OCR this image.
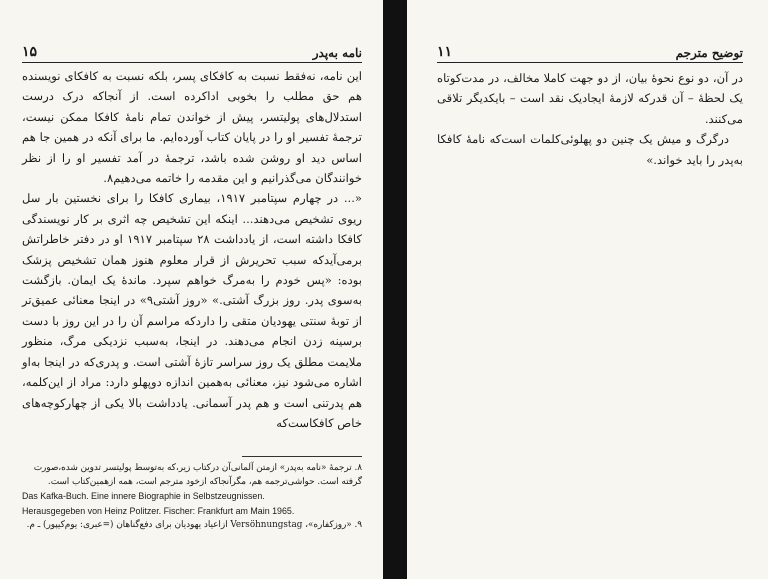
۱۵	نامه به‌پدر

این نامه، نه‌فقط نسبت به کافکای پسر، بلکه نسبت به کافکای نویسنده هم حق مطلب را بخوبی اداکرده است. از آنجاکه درک درست استدلال‌های پولیتسر، پیش از خواندن تمام نامهٔ کافکا ممکن نیست، ترجمهٔ تفسیر او را در پایان کتاب آورده‌ایم. ما برای آنکه در همین جا هم اساس دید او روشن شده باشد، ترجمهٔ در آمد تفسیر او را از نظر خوانندگان می‌گذرانیم و این مقدمه را خاتمه می‌دهیم۸.

«... در چهارم سپتامبر ۱۹۱۷، بیماری کافکا را برای نخستین بار سل ریوی تشخیص می‌دهند... اینکه این تشخیص چه اثری بر کار نویسندگی کافکا داشته است، از یادداشت ۲۸ سپتامبر ۱۹۱۷ او در دفتر خاطراتش برمی‌آیدکه سبب تحریرش از قرار معلوم هنوز همان تشخیص پزشک بوده: «پس خودم را به‌مرگ خواهم سپرد. ماندهٔ یک ایمان. بازگشت به‌سوی پدر. روز بزرگ آشتی.» «روز آشتی۹» در اینجا معنائی عمیق‌تر از توبهٔ سنتی یهودیان متقی را داردکه مراسم آن را در این روز با دست برسینه زدن انجام می‌دهند. در اینجا، به‌سبب نزدیکی مرگ، منظور ملایمت مطلق یک روز سراسر تازهٔ آشتی است. و پدری‌که در اینجا به‌او اشاره می‌شود نیز، معنائی به‌همین اندازه دوپهلو دارد: مراد از این‌کلمه، هم پدرتنی است و هم پدر آسمانی. یادداشت بالا یکی از چهارکوچه‌های خاص کافکاست‌که

۸. ترجمهٔ «نامه به‌پدر» ازمتن آلمانی‌آن درکتاب زیر،که به‌توسط پولیتسر تدوین شده‌،صورت گرفته است. حواشی‌ترجمه هم، مگرآنجاکه ازخود مترجم است، همه ازهمین‌کتاب است.
Das Kafka-Buch. Eine innere Biographie in Selbstzeugnissen.
Herausgegeben von Heinz Politzer. Fischer: Frankfurt am Main 1965.
۹. «روزکفاره»، Versöhnungstag ازاعیاد یهودیان برای دفع‌گناهان (=عبری: یوم‌کیپور) ـ م.
۱۱	توضیح مترجم

در آن، دو نوع نحوهٔ بیان، از دو جهت کاملا مخالف، در مدت‌کوتاه یک لحظهٔ – آن قدرکه لازمهٔ ایجادیک نقد است – با‌یکدیگر تلاقی می‌کنند.

درگرگ و میش یک چنین دو پهلوئی‌کلمات است‌که نامهٔ کافکا به‌پدر را باید خواند.»
